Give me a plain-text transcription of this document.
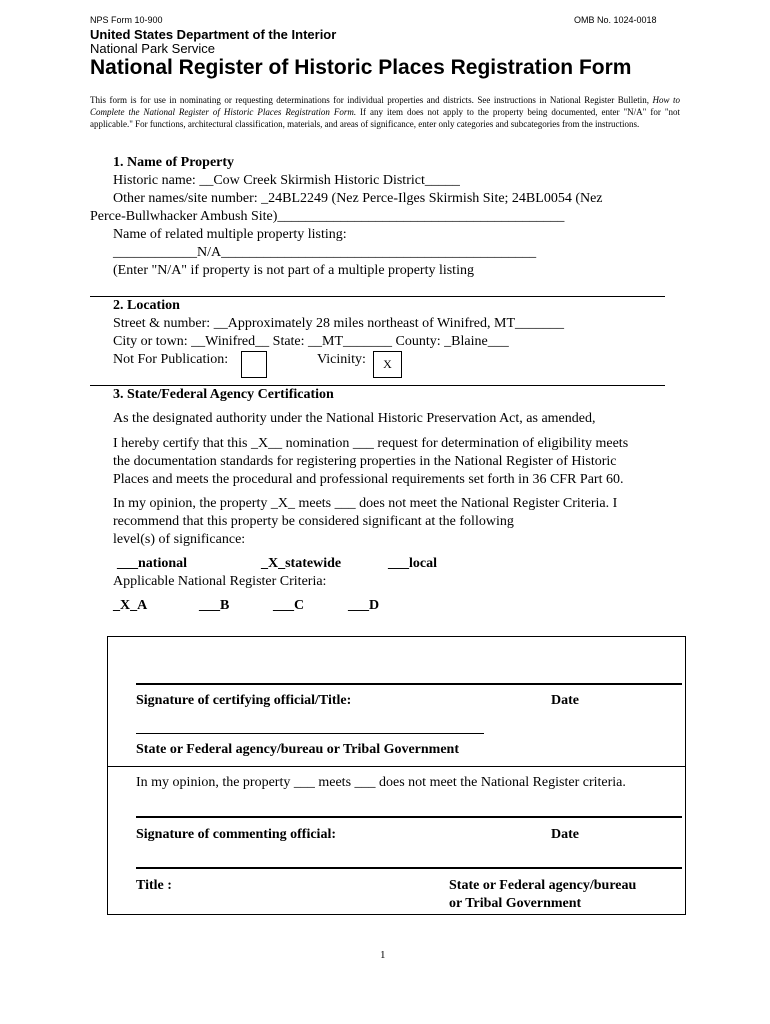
NPS Form 10-900	OMB No. 1024-0018
United States Department of the Interior
National Park Service
National Register of Historic Places Registration Form
This form is for use in nominating or requesting determinations for individual properties and districts. See instructions in National Register Bulletin, How to Complete the National Register of Historic Places Registration Form. If any item does not apply to the property being documented, enter "N/A" for "not applicable." For functions, architectural classification, materials, and areas of significance, enter only categories and subcategories from the instructions.
1. Name of Property
Historic name: __Cow Creek Skirmish Historic District_____
Other names/site number: _24BL2249 (Nez Perce-Ilges Skirmish Site; 24BL0054 (Nez
Perce-Bullwhacker Ambush Site)_________________________________________
Name of related multiple property listing:
____________N/A_____________________________________________
(Enter "N/A" if property is not part of a multiple property listing
2. Location
Street & number: __Approximately 28 miles northeast of Winifred, MT_______
City or town: __Winifred__ State: __MT_______ County: _Blaine___
Not For Publication:	Vicinity:	X
3. State/Federal Agency Certification
As the designated authority under the National Historic Preservation Act, as amended,
I hereby certify that this _X__ nomination ___ request for determination of eligibility meets
the documentation standards for registering properties in the National Register of Historic
Places and meets the procedural and professional requirements set forth in 36 CFR Part 60.
In my opinion, the property _X_ meets ___ does not meet the National Register Criteria. I
recommend that this property be considered significant at the following
level(s) of significance:
___national	_X_statewide	___local
Applicable National Register Criteria:
_X_A	___B	___C	___D
Signature of certifying official/Title:	Date
State or Federal agency/bureau or Tribal Government
In my opinion, the property ___ meets ___ does not meet the National Register criteria.
Signature of commenting official:	Date
Title :	State or Federal agency/bureau
or Tribal Government
1
